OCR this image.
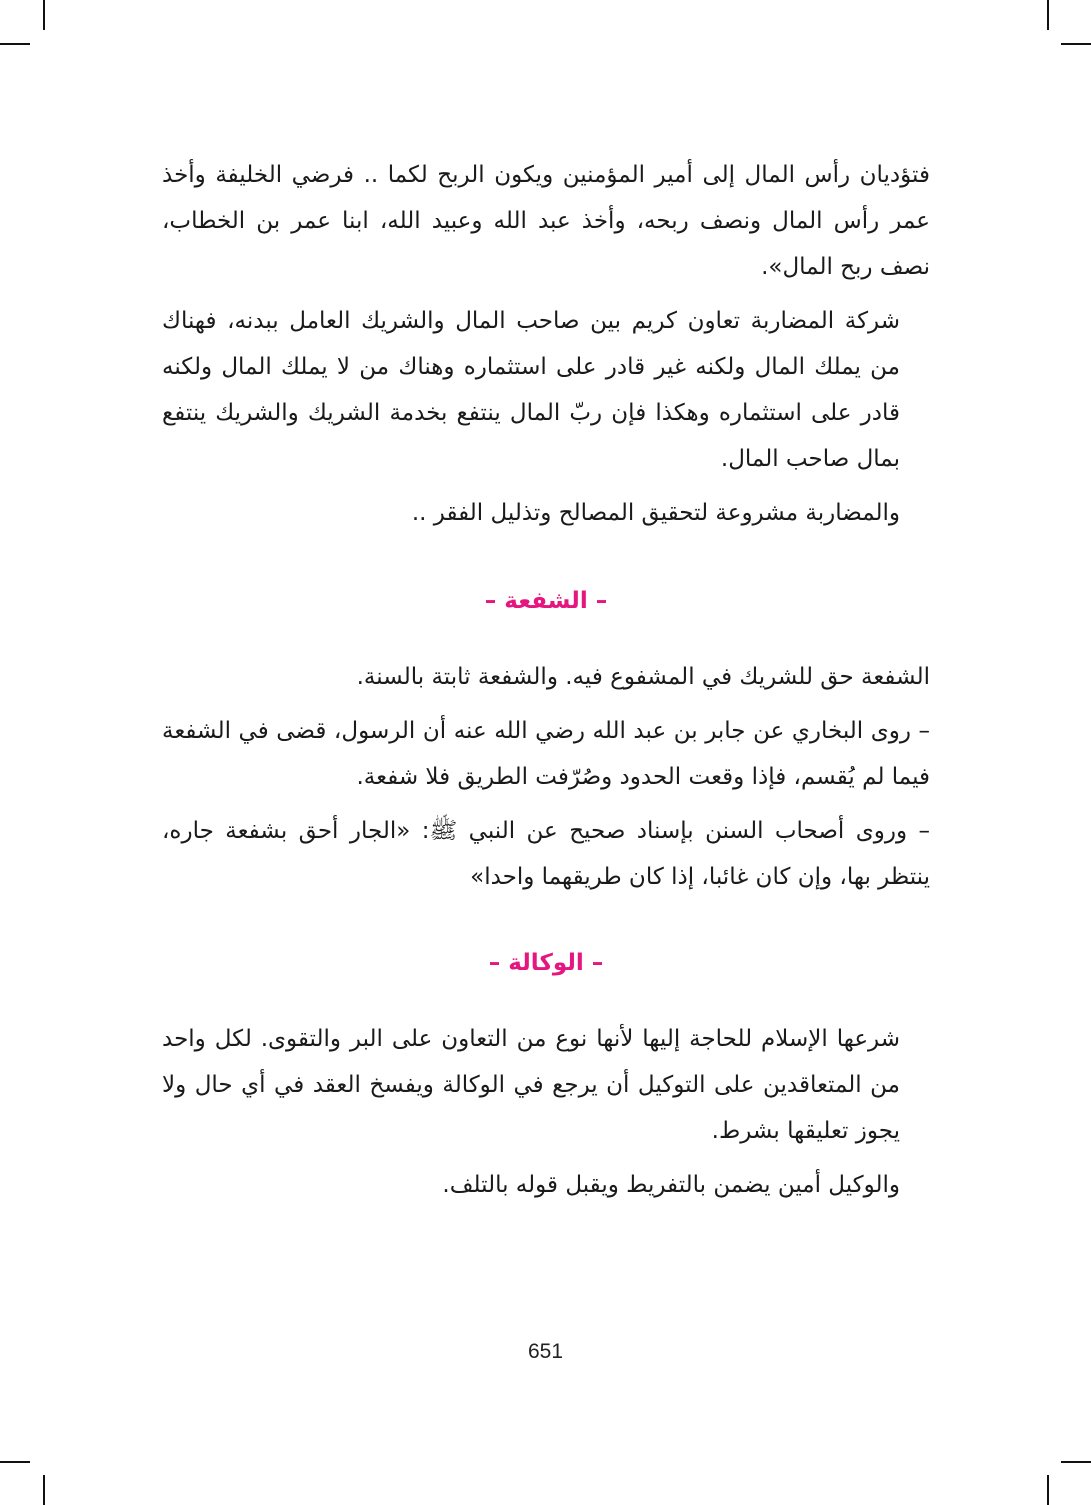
فتؤديان رأس المال إلى أمير المؤمنين ويكون الربح لكما .. فرضي الخليفة وأخذ عمر رأس المال ونصف ربحه، وأخذ عبد الله وعبيد الله، ابنا عمر بن الخطاب، نصف ربح المال».

شركة المضاربة تعاون كريم بين صاحب المال والشريك العامل ببدنه، فهناك من يملك المال ولكنه غير قادر على استثماره وهناك من لا يملك المال ولكنه قادر على استثماره وهكذا فإن ربّ المال ينتفع بخدمة الشريك والشريك ينتفع بمال صاحب المال.

والمضاربة مشروعة لتحقيق المصالح وتذليل الفقر ..

– الشفعة –

الشفعة حق للشريك في المشفوع فيه. والشفعة ثابتة بالسنة.

– روى البخاري عن جابر بن عبد الله رضي الله عنه أن الرسول، قضى في الشفعة فيما لم يُقسم، فإذا وقعت الحدود وصُرّفت الطريق فلا شفعة.

– وروى أصحاب السنن بإسناد صحيح عن النبي ﷺ: «الجار أحق بشفعة جاره، ينتظر بها، وإن كان غائبا، إذا كان طريقهما واحدا»

– الوكالة –

شرعها الإسلام للحاجة إليها لأنها نوع من التعاون على البر والتقوى. لكل واحد من المتعاقدين على التوكيل أن يرجع في الوكالة ويفسخ العقد في أي حال ولا يجوز تعليقها بشرط.

والوكيل أمين يضمن بالتفريط ويقبل قوله بالتلف.

651
